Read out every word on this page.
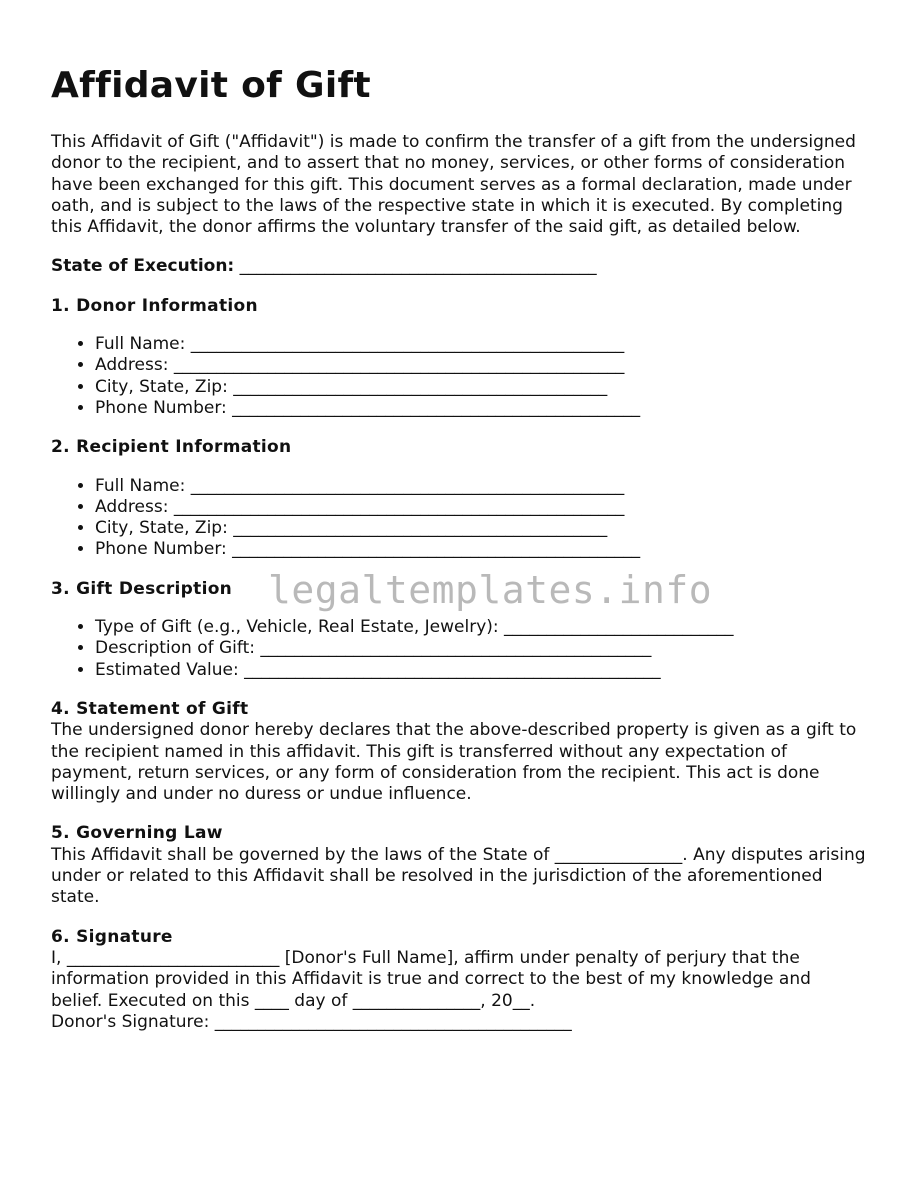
Affidavit of Gift

This Affidavit of Gift ("Affidavit") is made to confirm the transfer of a gift from the undersigned donor to the recipient, and to assert that no money, services, or other forms of consideration have been exchanged for this gift. This document serves as a formal declaration, made under oath, and is subject to the laws of the respective state in which it is executed. By completing this Affidavit, the donor affirms the voluntary transfer of the said gift, as detailed below.

State of Execution: __________________________________________
1. Donor Information
• Full Name: ___________________________________________________
• Address: _____________________________________________________
• City, State, Zip: ____________________________________________
• Phone Number: ________________________________________________
2. Recipient Information
• Full Name: ___________________________________________________
• Address: _____________________________________________________
• City, State, Zip: ____________________________________________
• Phone Number: ________________________________________________
3. Gift Description
• Type of Gift (e.g., Vehicle, Real Estate, Jewelry): ___________________________
• Description of Gift: ______________________________________________
• Estimated Value: _________________________________________________
4. Statement of Gift

The undersigned donor hereby declares that the above-described property is given as a gift to the recipient named in this affidavit. This gift is transferred without any expectation of payment, return services, or any form of consideration from the recipient. This act is done willingly and under no duress or undue influence.

5. Governing Law

This Affidavit shall be governed by the laws of the State of _______________. Any disputes arising under or related to this Affidavit shall be resolved in the jurisdiction of the aforementioned state.

6. Signature

I, _________________________ [Donor's Full Name], affirm under penalty of perjury that the information provided in this Affidavit is true and correct to the best of my knowledge and belief. Executed on this ____ day of _______________, 20__.

Donor's Signature: __________________________________________

legaltemplates.info
